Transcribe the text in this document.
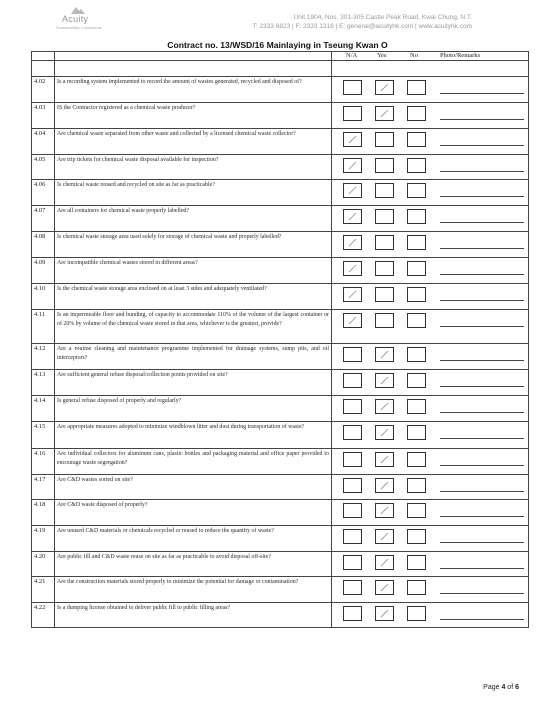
Acuity
Sustainability Consultants
Unit 1904, Nos. 301-305 Castle Peak Road, Kwai Chung, N.T.
T: 2333 6823 | F: 2333 1316 | E: general@acuityhk.com | www.acuityhk.com
Contract no. 13/WSD/16 Mainlaying in Tseung Kwan O

		N/A Yes No Photo/Remarks

4.02	Is a recording system implemented to record the amount of wastes generated, recycled and disposed of?	

4.03	IS the Contractor registered as a chemical waste producer?	

4.04	Are chemical waste separated from other waste and collected by a licensed chemical waste collector?	

4.05	Are trip tickets for chemical waste disposal available for inspection?	

4.06	Is chemical waste reused and recycled on site as far as practicable?	

4.07	Are all containers for chemical waste properly labelled?	

4.08	Is chemical waste storage area used solely for storage of chemical waste and properly labelled?	

4.09	Are incompatible chemical wastes stored in different areas?	

4.10	Is the chemical waste storage area enclosed on at least 3 sides and adequately ventilated?	

4.11	Is an impermeable floor and bunding, of capacity to accommodate 110% of the volume of the largest container or of 20% by volume of the chemical waste stored in that area, whichever is the greatest, provide?	

4.12	Are a routine cleaning and maintenance programme implemented for drainage systems, sump pits, and oil interceptors?	

4.13	Are sufficient general refuse disposal/collection points provided on site?	

4.14	Is general refuse disposed of properly and regularly?	

4.15	Are appropriate measures adopted to minimize windblown litter and dust during transportation of waste?	

4.16	Are individual collectors for aluminum cans, plastic bottles and packaging material and office paper provided to encourage waste segregation?	

4.17	Are C&D wastes sorted on site?	

4.18	Are C&D waste disposed of properly?	

4.19	Are unused C&D materials or chemicals recycled or reused to reduce the quantity of waste?	

4.20	Are public fill and C&D waste reuse on site as far as practicable to avoid disposal off-site?	

4.21	Are the construction materials stored properly to minimize the potential for damage or contamination?	

4.22	Is a dumping license obtained to deliver public fill to public filling areas?	
Page 4 of 6
